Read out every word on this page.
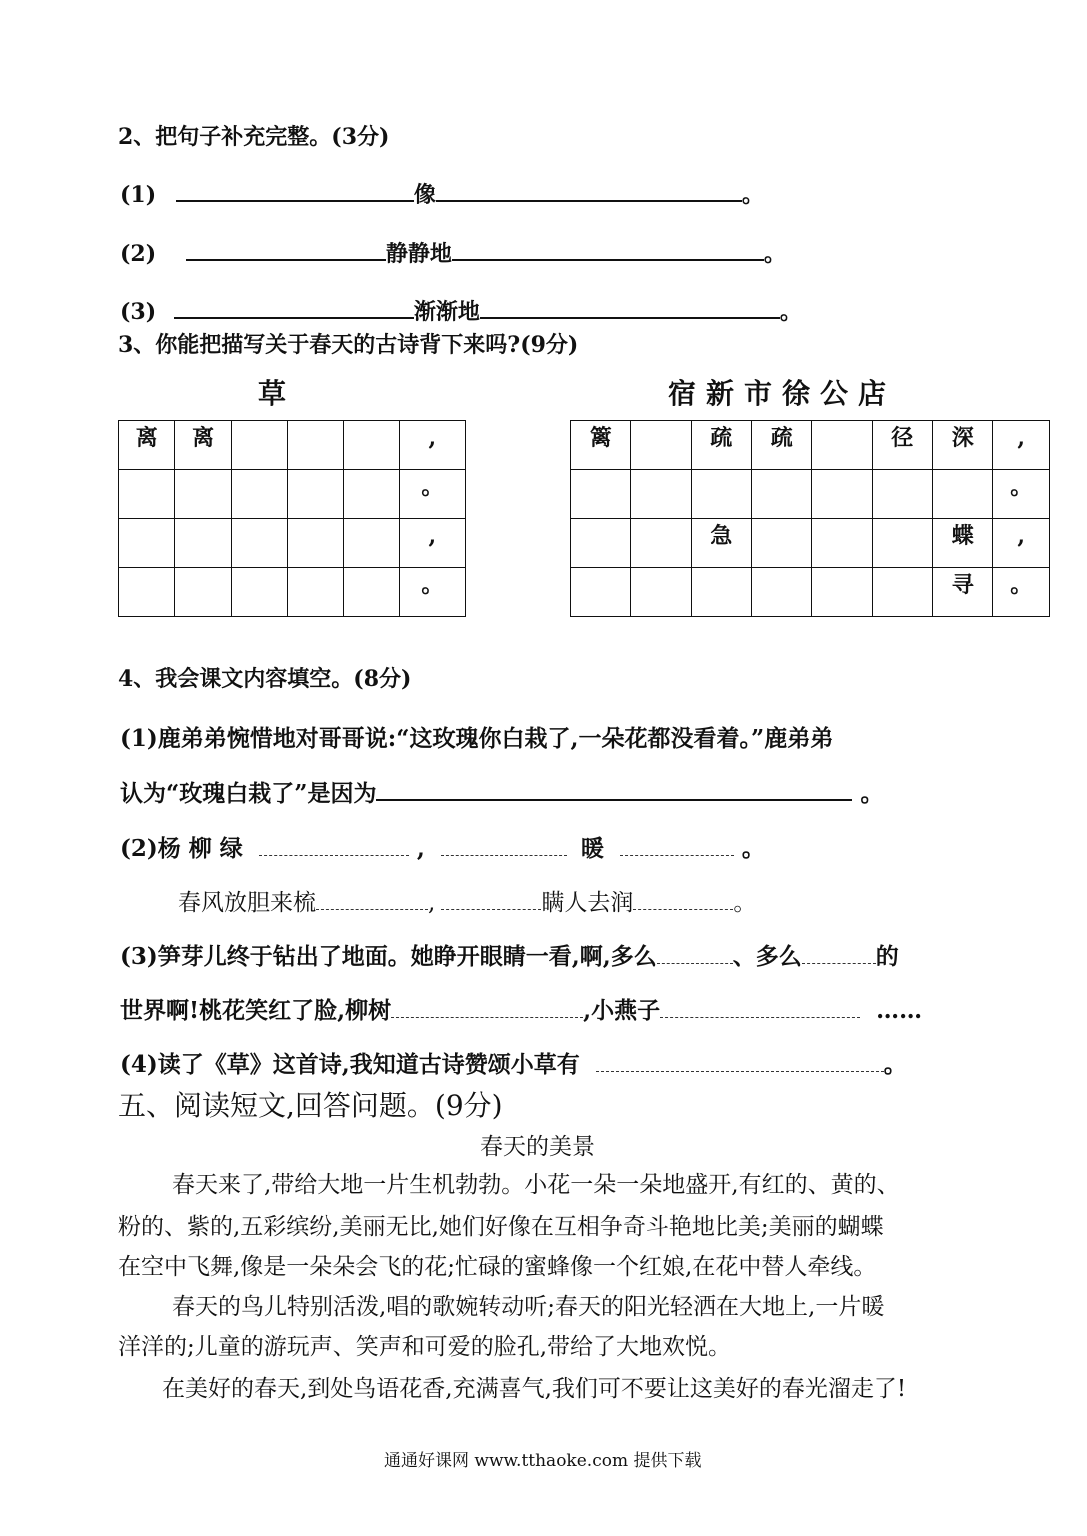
2、把句子补充完整。(3分)
(1)	像	。
(2)	静静地	。
(3)	渐渐地	。
3、你能把描写关于春天的古诗背下来吗?(9分)
草	宿新市徐公店
离	离				,
					。
					,
					。
篱		疏	疏		径	深	,
							。
		急				蝶	,
						寻	。
4、我会课文内容填空。(8分)
(1)鹿弟弟惋惜地对哥哥说:“这玫瑰你白栽了,一朵花都没看着。”鹿弟弟
认为“玫瑰白栽了”是因为	。
(2)杨 柳 绿	,	暖	。
春风放胆来梳	,	瞒人去润	。
(3)笋芽儿终于钻出了地面。她睁开眼睛一看,啊,多么	、多么	的
世界啊!桃花笑红了脸,柳树	,小燕子	……
(4)读了《草》这首诗,我知道古诗赞颂小草有	。
五、阅读短文,回答问题。(9分)
春天的美景
春天来了,带给大地一片生机勃勃。小花一朵一朵地盛开,有红的、黄的、
粉的、紫的,五彩缤纷,美丽无比,她们好像在互相争奇斗艳地比美;美丽的蝴蝶
在空中飞舞,像是一朵朵会飞的花;忙碌的蜜蜂像一个红娘,在花中替人牵线。
春天的鸟儿特别活泼,唱的歌婉转动听;春天的阳光轻洒在大地上,一片暖
洋洋的;儿童的游玩声、笑声和可爱的脸孔,带给了大地欢悦。
在美好的春天,到处鸟语花香,充满喜气,我们可不要让这美好的春光溜走了!
通通好课网 www.tthaoke.com 提供下载
